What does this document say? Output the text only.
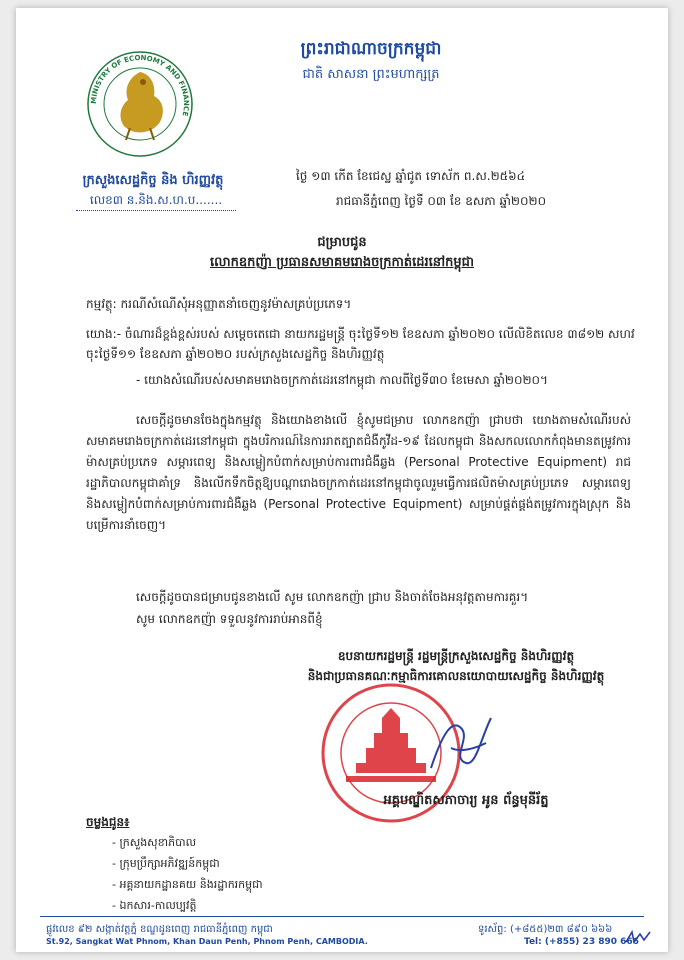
MINISTRY OF ECONOMY AND FINANCE
ក្រសួងសេដ្ឋកិច្ច និង ហិរញ្ញវត្ថុ
លេខ៣ ន.និង.ស.ហ.ប.......
ព្រះរាជាណាចក្រកម្ពុជា
ជាតិ សាសនា ព្រះមហាក្សត្រ
ថ្ងៃ ១៣ កើត ខែជេស្ឋ ឆ្នាំជូត ទោស័ក ព.ស.២៥៦៤
រាជធានីភ្នំពេញ ថ្ងៃទី ០៣ ខែ ឧសភា ឆ្នាំ២០២០
ជម្រាបជូន
លោកឧកញ៉ា ប្រធានសមាគមរោងចក្រកាត់ដេរនៅកម្ពុជា
កម្មវត្ថុ: ករណីសំណើសុំអនុញ្ញាតនាំចេញនូវម៉ាសគ្រប់ប្រភេទ។
យោង:- ចំណារដ៏ខ្ពង់ខ្ពស់របស់ សម្តេចតេជោ នាយករដ្ឋមន្ត្រី ចុះថ្ងៃទី១២ ខែឧសភា ឆ្នាំ២០២០ លើលិខិតលេខ ៣៨១២ សហវ ចុះថ្ងៃទី១១ ខែឧសភា ឆ្នាំ២០២០ របស់ក្រសួងសេដ្ឋកិច្ច និងហិរញ្ញវត្ថុ
- យោងសំណើរបស់សមាគមរោងចក្រកាត់ដេរនៅកម្ពុជា កាលពីថ្ងៃទី៣០ ខែមេសា ឆ្នាំ២០២០។
សេចក្តីដូចមានចែងក្នុងកម្មវត្ថុ និងយោងខាងលើ ខ្ញុំសូមជម្រាប លោកឧកញ៉ា ជ្រាបថា យោងតាមសំណើរបស់សមាគមរោងចក្រកាត់ដេរនៅកម្ពុជា ក្នុងបរិការណ៍នៃការរាតត្បាតជំងឺកូវីដ-១៩ ដែលកម្ពុជា និងសកលលោកកំពុងមានតម្រូវការម៉ាសគ្រប់ប្រភេទ សម្ភារពេទ្យ និងសម្លៀកបំពាក់សម្រាប់ការពារជំងឺឆ្លង (Personal Protective Equipment) រាជរដ្ឋាភិបាលកម្ពុជាគាំទ្រ និងលើកទឹកចិត្តឱ្យបណ្តារោងចក្រកាត់ដេរនៅកម្ពុជាចូលរួមធ្វើការផលិតម៉ាសគ្រប់ប្រភេទ សម្ភារពេទ្យ និងសម្លៀកបំពាក់សម្រាប់ការពារជំងឺឆ្លង (Personal Protective Equipment) សម្រាប់ផ្គត់ផ្គង់តម្រូវការក្នុងស្រុក និងបម្រើការនាំចេញ។
សេចក្តីដូចបានជម្រាបជូនខាងលើ សូម លោកឧកញ៉ា ជ្រាប និងចាត់ចែងអនុវត្តតាមការគួរ។
សូម លោកឧកញ៉ា ទទួលនូវការរាប់អានពីខ្ញុំ
ឧបនាយករដ្ឋមន្ត្រី រដ្ឋមន្ត្រីក្រសួងសេដ្ឋកិច្ច និងហិរញ្ញវត្ថុ
និងជាប្រធានគណៈកម្មាធិការគោលនយោបាយសេដ្ឋកិច្ច និងហិរញ្ញវត្ថុ
អគ្គបណ្ឌិតសភាចារ្យ អូន ព័ន្ធមុនីរ័ត្ន
ចម្លងជូន៖
- ក្រសួងសុខាភិបាល
- ក្រុមប្រឹក្សាអភិវឌ្ឍន៍កម្ពុជា
- អគ្គនាយកដ្ឋានគយ និងរដ្ឋាករកម្ពុជា
- ឯកសារ-កាលប្បវត្តិ
ផ្លូវលេខ ៩២ សង្កាត់វត្តភ្នំ ខណ្ឌដូនពេញ រាជធានីភ្នំពេញ កម្ពុជា
St.92, Sangkat Wat Phnom, Khan Daun Penh, Phnom Penh, CAMBODIA.
ទូរស័ព្ទ: (+៨៥៥)២៣ ៨៩០ ៦៦៦
Tel: (+855) 23 890 666
